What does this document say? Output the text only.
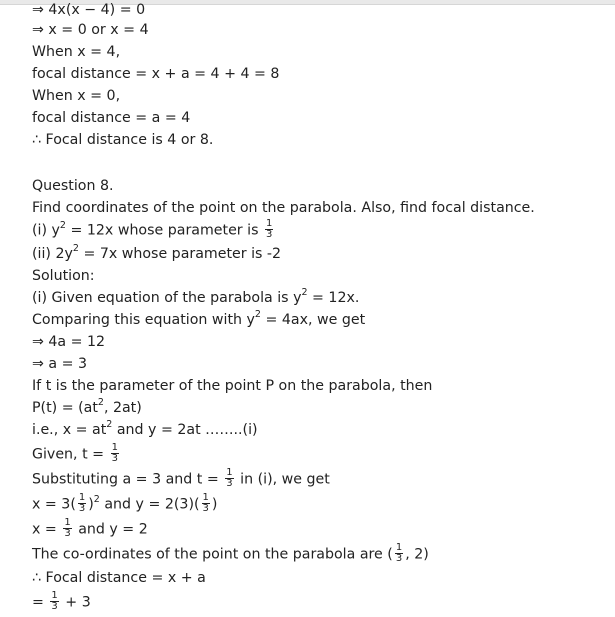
⇒ 4x(x − 4) = 0
⇒ x = 0 or x = 4
When x = 4,
focal distance = x + a = 4 + 4 = 8
When x = 0,
focal distance = a = 4
∴ Focal distance is 4 or 8.
Question 8.
Find coordinates of the point on the parabola. Also, find focal distance.
(i) $y^2 = 12x$ whose parameter is $\frac{1}{3}$
(ii) $2y^2 = 7x$ whose parameter is -2
Solution:
(i) Given equation of the parabola is $y^2 = 12x$.
Comparing this equation with $y^2 = 4ax$, we get
⇒ 4a = 12
⇒ a = 3
If t is the parameter of the point P on the parabola, then
$P(t) = (at^2$, 2at)
i.e., $x = at^2$ and y = 2at ……..(i)
Given, $t = \frac{1}{3}$
Substituting a = 3 and $t = \frac{1}{3}$ in (i), we get
$x = 3( \frac{1}{3} )^2$ and $y = 2(3)( \frac{1}{3}$ )
$x = \frac{1}{3}$ and y = 2
The co-ordinates of the point on the parabola are ( $\frac{1}{3}$ , 2)
∴ Focal distance = x + a
= $\frac{1}{3} + 3$
